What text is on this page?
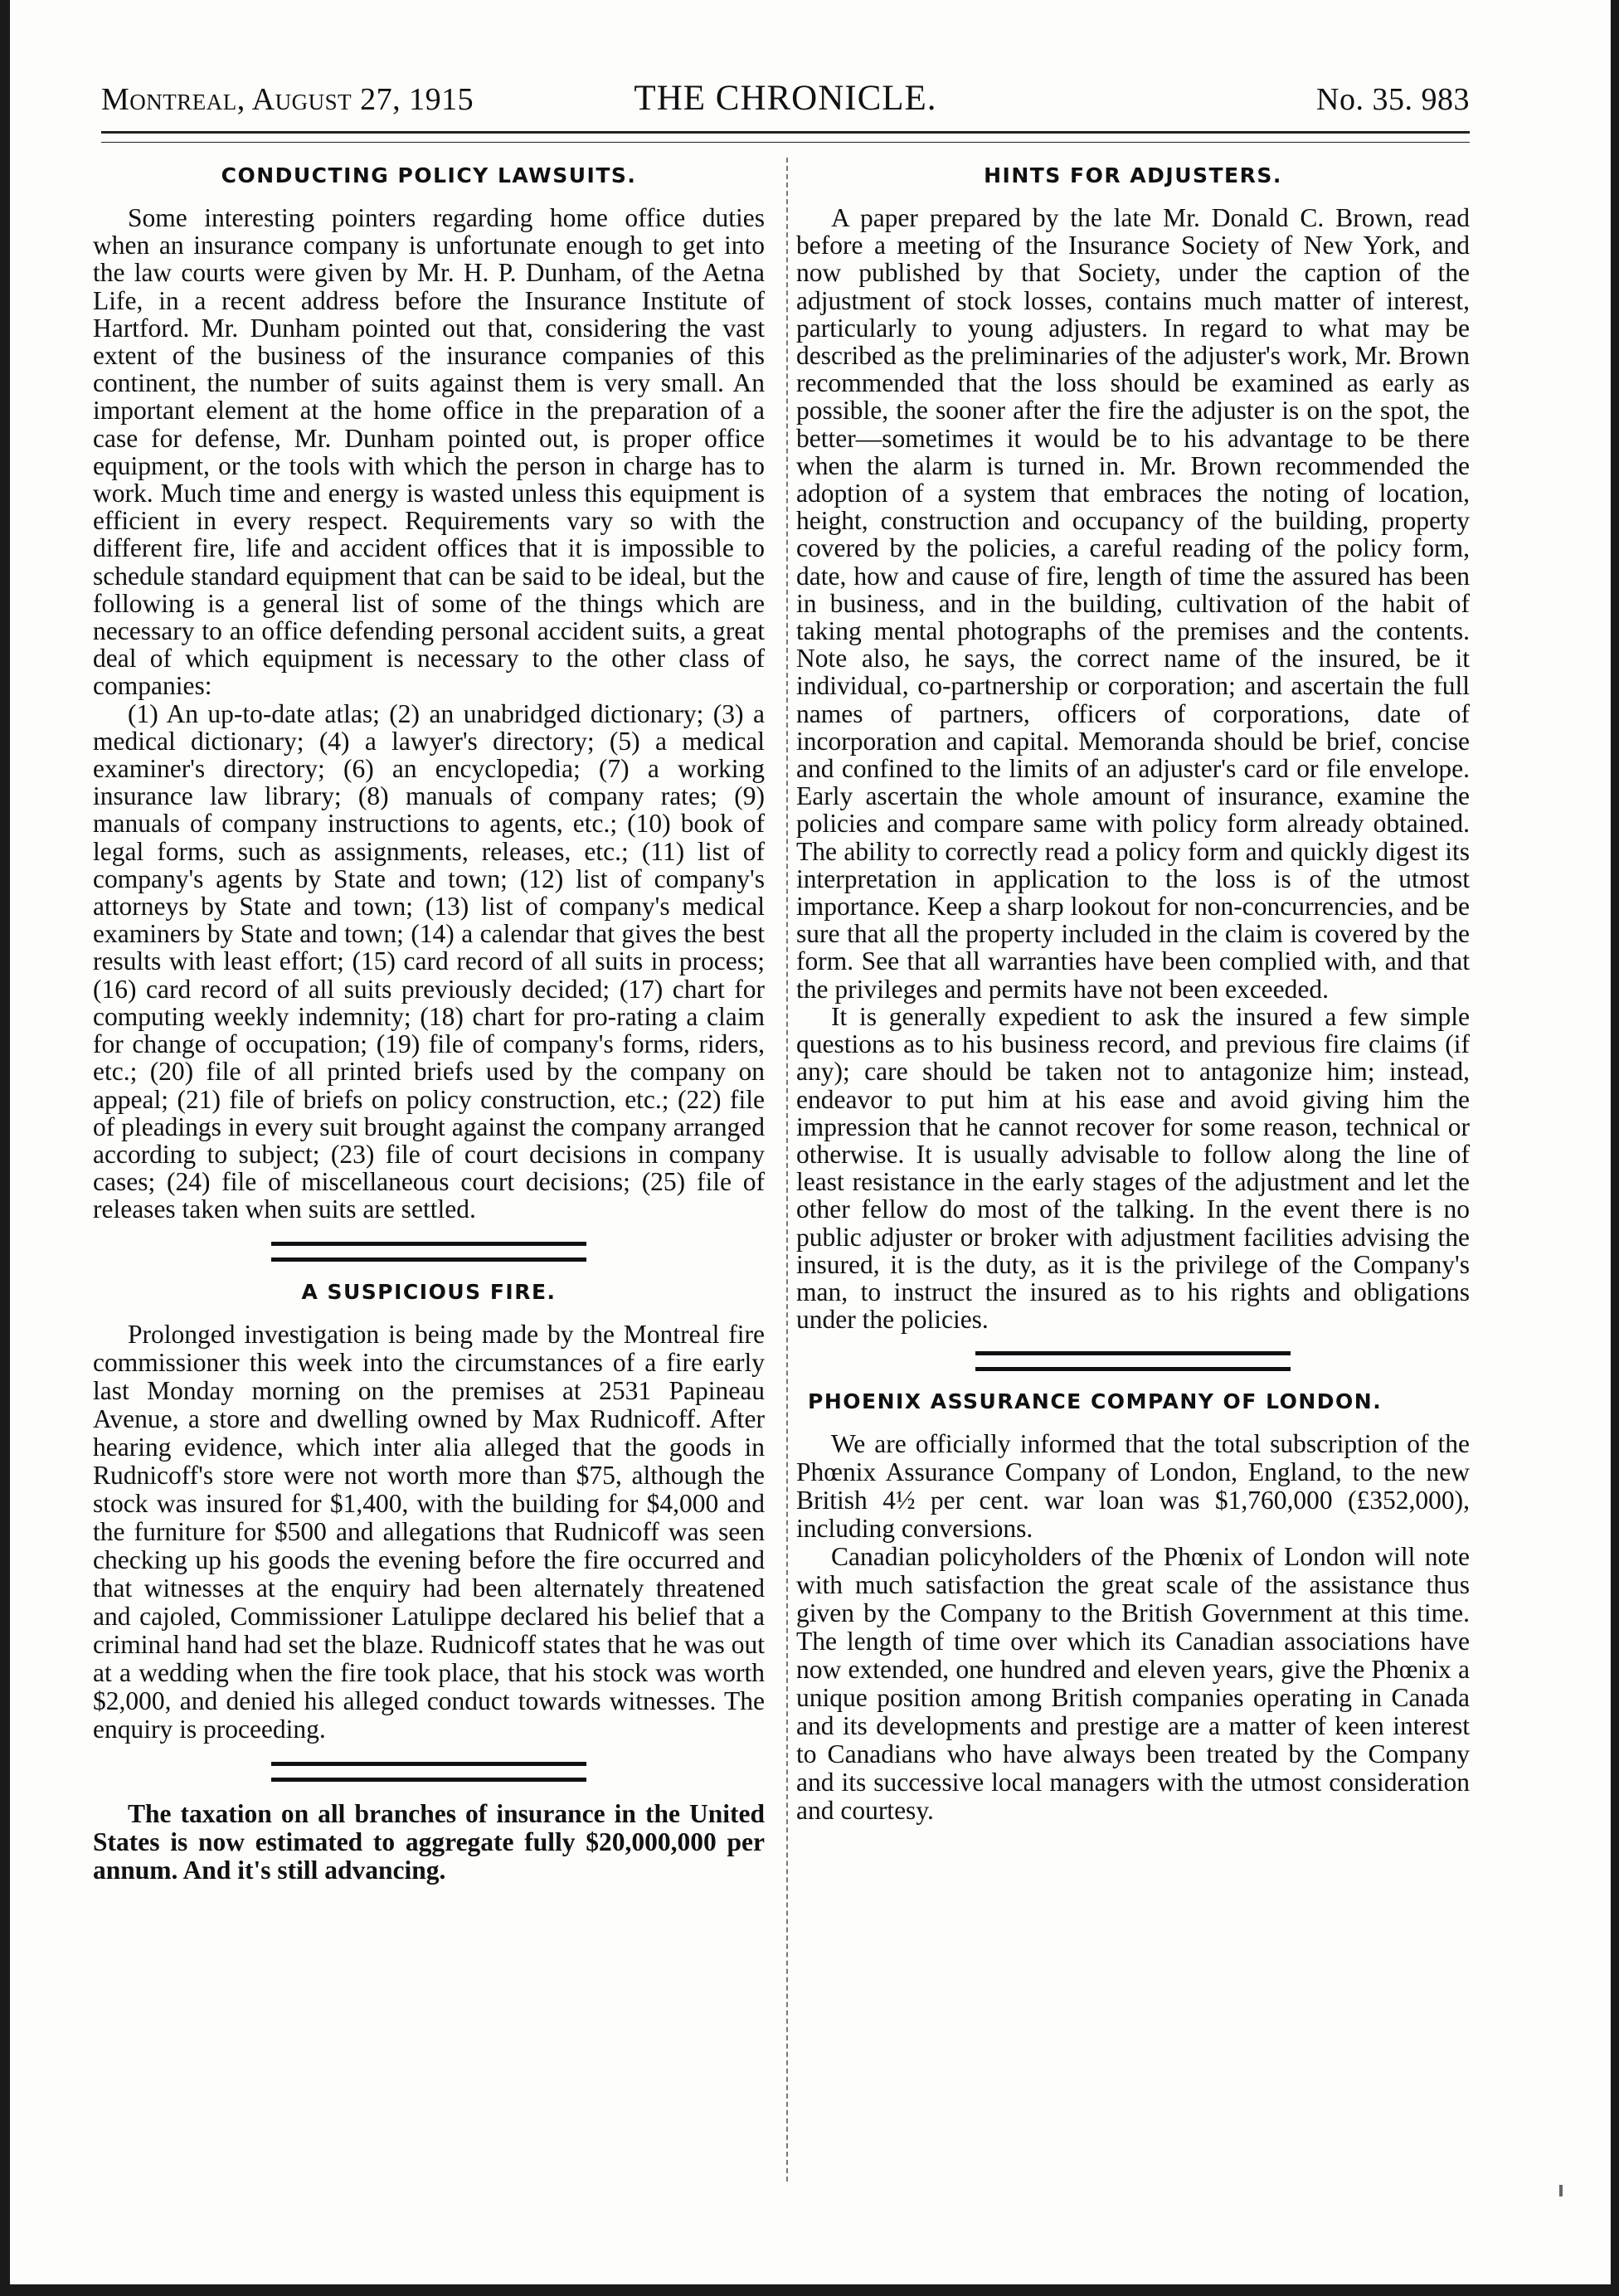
Montreal, August 27, 1915	THE CHRONICLE.	No. 35. 983
CONDUCTING POLICY LAWSUITS.

Some interesting pointers regarding home office duties when an insurance company is unfortunate enough to get into the law courts were given by Mr. H. P. Dunham, of the Aetna Life, in a recent address before the Insurance Institute of Hartford. Mr. Dunham pointed out that, considering the vast extent of the business of the insurance companies of this continent, the number of suits against them is very small. An important element at the home office in the preparation of a case for defense, Mr. Dunham pointed out, is proper office equipment, or the tools with which the person in charge has to work. Much time and energy is wasted unless this equipment is efficient in every respect. Requirements vary so with the different fire, life and accident offices that it is impossible to schedule standard equipment that can be said to be ideal, but the following is a general list of some of the things which are necessary to an office defending personal accident suits, a great deal of which equipment is necessary to the other class of companies:

(1) An up-to-date atlas; (2) an unabridged dictionary; (3) a medical dictionary; (4) a lawyer's directory; (5) a medical examiner's directory; (6) an encyclopedia; (7) a working insurance law library; (8) manuals of company rates; (9) manuals of company instructions to agents, etc.; (10) book of legal forms, such as assignments, releases, etc.; (11) list of company's agents by State and town; (12) list of company's attorneys by State and town; (13) list of company's medical examiners by State and town; (14) a calendar that gives the best results with least effort; (15) card record of all suits in process; (16) card record of all suits previously decided; (17) chart for computing weekly indemnity; (18) chart for pro-rating a claim for change of occupation; (19) file of company's forms, riders, etc.; (20) file of all printed briefs used by the company on appeal; (21) file of briefs on policy construction, etc.; (22) file of pleadings in every suit brought against the company arranged according to subject; (23) file of court decisions in company cases; (24) file of miscellaneous court decisions; (25) file of releases taken when suits are settled.

A SUSPICIOUS FIRE.

Prolonged investigation is being made by the Montreal fire commissioner this week into the circumstances of a fire early last Monday morning on the premises at 2531 Papineau Avenue, a store and dwelling owned by Max Rudnicoff. After hearing evidence, which inter alia alleged that the goods in Rudnicoff's store were not worth more than $75, although the stock was insured for $1,400, with the building for $4,000 and the furniture for $500 and allegations that Rudnicoff was seen checking up his goods the evening before the fire occurred and that witnesses at the enquiry had been alternately threatened and cajoled, Commissioner Latulippe declared his belief that a criminal hand had set the blaze. Rudnicoff states that he was out at a wedding when the fire took place, that his stock was worth $2,000, and denied his alleged conduct towards witnesses. The enquiry is proceeding.

The taxation on all branches of insurance in the United States is now estimated to aggregate fully $20,000,000 per annum. And it's still advancing.

HINTS FOR ADJUSTERS.

A paper prepared by the late Mr. Donald C. Brown, read before a meeting of the Insurance Society of New York, and now published by that Society, under the caption of the adjustment of stock losses, contains much matter of interest, particularly to young adjusters. In regard to what may be described as the preliminaries of the adjuster's work, Mr. Brown recommended that the loss should be examined as early as possible, the sooner after the fire the adjuster is on the spot, the better—sometimes it would be to his advantage to be there when the alarm is turned in. Mr. Brown recommended the adoption of a system that embraces the noting of location, height, construction and occupancy of the building, property covered by the policies, a careful reading of the policy form, date, how and cause of fire, length of time the assured has been in business, and in the building, cultivation of the habit of taking mental photographs of the premises and the contents. Note also, he says, the correct name of the insured, be it individual, co-partnership or corporation; and ascertain the full names of partners, officers of corporations, date of incorporation and capital. Memoranda should be brief, concise and confined to the limits of an adjuster's card or file envelope. Early ascertain the whole amount of insurance, examine the policies and compare same with policy form already obtained. The ability to correctly read a policy form and quickly digest its interpretation in application to the loss is of the utmost importance. Keep a sharp lookout for non-concurrencies, and be sure that all the property included in the claim is covered by the form. See that all warranties have been complied with, and that the privileges and permits have not been exceeded.

It is generally expedient to ask the insured a few simple questions as to his business record, and previous fire claims (if any); care should be taken not to antagonize him; instead, endeavor to put him at his ease and avoid giving him the impression that he cannot recover for some reason, technical or otherwise. It is usually advisable to follow along the line of least resistance in the early stages of the adjustment and let the other fellow do most of the talking. In the event there is no public adjuster or broker with adjustment facilities advising the insured, it is the duty, as it is the privilege of the Company's man, to instruct the insured as to his rights and obligations under the policies.

PHOENIX ASSURANCE COMPANY OF LONDON.

We are officially informed that the total subscription of the Phœnix Assurance Company of London, England, to the new British 4½ per cent. war loan was $1,760,000 (£352,000), including conversions.

Canadian policyholders of the Phœnix of London will note with much satisfaction the great scale of the assistance thus given by the Company to the British Government at this time. The length of time over which its Canadian associations have now extended, one hundred and eleven years, give the Phœnix a unique position among British companies operating in Canada and its developments and prestige are a matter of keen interest to Canadians who have always been treated by the Company and its successive local managers with the utmost consideration and courtesy.
